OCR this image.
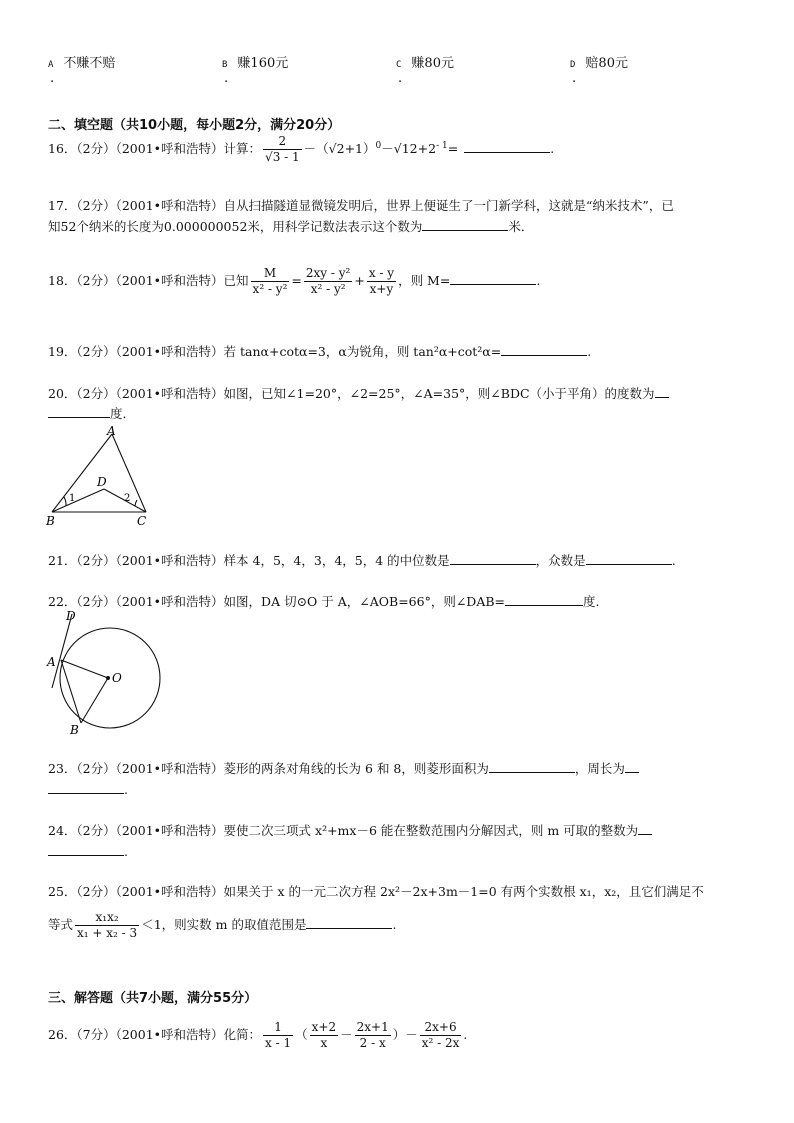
A 不赚不赔	B 赚160元	C 赚80元	D 赔80元
.	.	.	.
二、填空题（共10小题，每小题2分，满分20分）
16．（2分）（2001•呼和浩特）计算： $\frac{2}{√3 - 1} -(√2+1)^0-√12+2^{- 1}=$	.
17．（2分）（2001•呼和浩特）自从扫描隧道显微镜发明后，世界上便诞生了一门新学科，这就是“纳米技术”，已
知52个纳米的长度为0.000000052米，用科学记数法表示这个数为	米．
18．（2分）（2001•呼和浩特）已知 $\frac{M}{\text{x² - y²}} = \frac{\text{2xy - y²}}{\text{x² - y²}} + \frac{x - y}{x+y}$ ，则 M=	.
19．（2分）（2001•呼和浩特）若 tanα+cotα=3，α为锐角，则 tan²α+cot²α=	.
20．（2分）（2001•呼和浩特）如图，已知∠1=20°，∠2=25°，∠A=35°，则∠BDC（小于平角）的度数为
度．
A
B	C
D
1	2
21．（2分）（2001•呼和浩特）样本 4，5，4，3，4，5，4 的中位数是	，众数是	.
22．（2分）（2001•呼和浩特）如图，DA 切⊙O 于 A，∠AOB=66°，则∠DAB=	度.
D
A
O
B
23．（2分）（2001•呼和浩特）菱形的两条对角线的长为 6 和 8，则菱形面积为	，周长为
.
24．（2分）（2001•呼和浩特）要使二次三项式 x²+mx－6 能在整数范围内分解因式，则 m 可取的整数为
.
25．（2分）（2001•呼和浩特）如果关于 x 的一元二次方程 2x²－2x+3m－1=0 有两个实数根 x₁，x₂，且它们满足不
等式 $\frac{\text{x₁x₂}}{\text{x₁ + x₂ - 3}} <1$，则实数 m 的取值范围是	.
三、解答题（共7小题，满分55分）
26．（7分）（2001•呼和浩特）化简： $\frac{1}{x - 1}$ （ $\frac{x+2}{x} - \frac{2x+1}{2 - x}$ ）－ $\frac{2x+6}{\text{x² - 2x}}$ .
